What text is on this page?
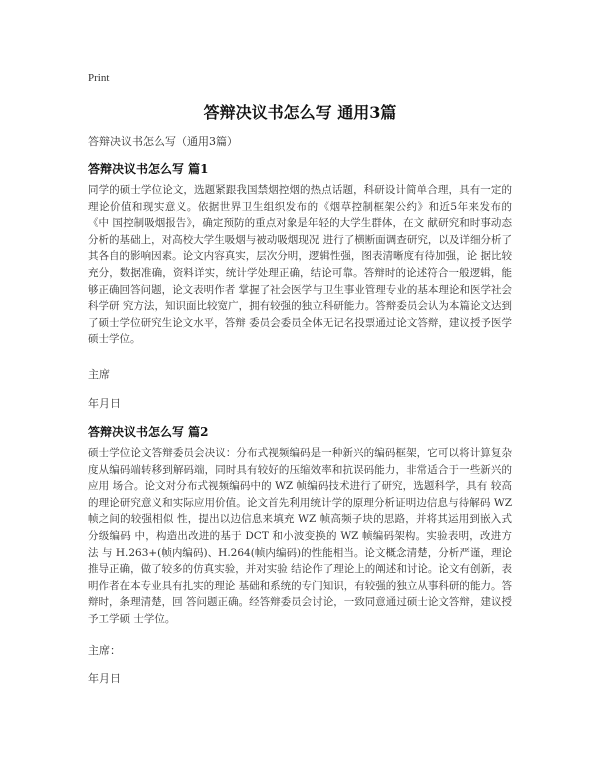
Print
答辩决议书怎么写 通用3篇
答辩决议书怎么写（通用3篇）
答辩决议书怎么写 篇1

同学的硕士学位论文，选题紧跟我国禁烟控烟的热点话题，科研设计简单合理，具有一定的理论价值和现实意义。依据世界卫生组织发布的《烟草控制框架公约》和近5年来发布的《中 国控制吸烟报告》，确定预防的重点对象是年轻的大学生群体，在文 献研究和时事动态分析的基础上，对高校大学生吸烟与被动吸烟现况 进行了横断面调查研究，以及详细分析了其各自的影响因素。论文内容真实，层次分明，逻辑性强，图表清晰度有待加强，论 据比较充分，数据准确，资料详实，统计学处理正确，结论可靠。答辩时的论述符合一般逻辑，能够正确回答问题，论文表明作者 掌握了社会医学与卫生事业管理专业的基本理论和医学社会科学研 究方法，知识面比较宽广，拥有较强的独立科研能力。答辩委员会认为本篇论文达到了硕士学位研究生论文水平，答辩 委员会委员全体无记名投票通过论文答辩，建议授予医学硕士学位。

主席
年月日
答辩决议书怎么写 篇2

硕士学位论文答辩委员会决议：分布式视频编码是一种新兴的编码框架，它可以将计算复杂度从编码端转移到解码端，同时具有较好的压缩效率和抗误码能力，非常适合于一些新兴的应用 场合。论文对分布式视频编码中的 WZ 帧编码技术进行了研究，选题科学，具有 较高的理论研究意义和实际应用价值。论文首先利用统计学的原理分析证明边信息与待解码 WZ 帧之间的较强相似 性，提出以边信息来填充 WZ 帧高频子块的思路，并将其运用到嵌入式分级编码 中，构造出改进的基于 DCT 和小波变换的 WZ 帧编码架构。实验表明，改进方法 与 H.263+(帧内编码)、H.264(帧内编码)的性能相当。论文概念清楚，分析严谨，理论推导正确，做了较多的仿真实验，并对实验 结论作了理论上的阐述和讨论。论文有创新，表明作者在本专业具有扎实的理论 基础和系统的专门知识，有较强的独立从事科研的能力。答辩时，条理清楚，回 答问题正确。经答辩委员会讨论，一致同意通过硕士论文答辩，建议授予工学硕 士学位。

主席：
年月日
